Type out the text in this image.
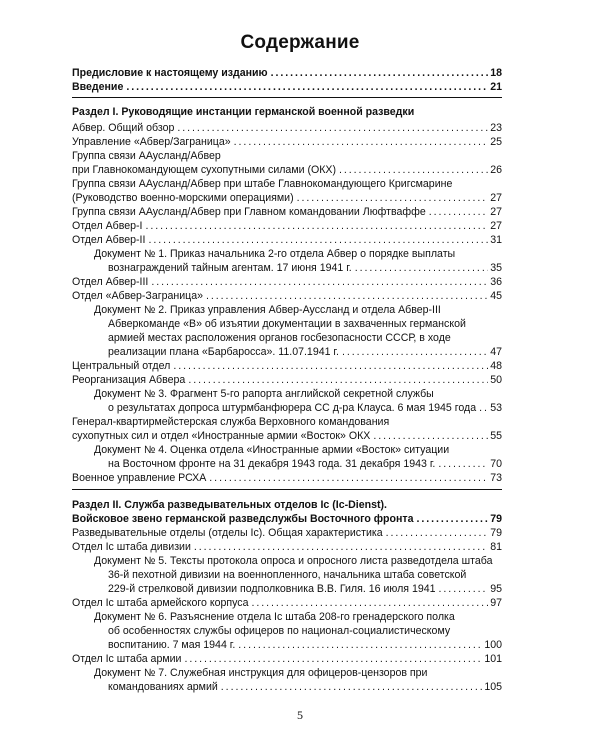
Содержание
Предисловие к настоящему изданию	18
. . .
Введение	21
. . .
Раздел I. Руководящие инстанции германской военной разведки
Абвер. Общий обзор	23
. . .
Управление «Абвер/Заграница»	25
. . .
Группа связи ААусланд/Абвер
при Главнокомандующем сухопутными силами (ОКХ)	26
. . .
Группа связи ААусланд/Абвер при штабе Главнокомандующего Кригсмарине
(Руководство военно-морскими операциями)	27
. . .
Группа связи ААусланд/Абвер при Главном командовании Люфтваффе	27
. . .
Отдел Абвер-I	27
. . .
Отдел Абвер-II	31
. . .
Документ № 1. Приказ начальника 2-го отдела Абвер о порядке выплаты
вознаграждений тайным агентам. 17 июня 1941 г.	35
. . .
Отдел Абвер-III	36
. . .
Отдел «Абвер-Заграница»	45
. . .
Документ № 2. Приказ управления Абвер-Ауссланд и отдела Абвер-III
Абверкоманде «В» об изъятии документации в захваченных германской
армией местах расположения органов госбезопасности СССР, в ходе
реализации плана «Барбаросса». 11.07.1941 г.	47
. . .
Центральный отдел	48
. . .
Реорганизация Абвера	50
. . .
Документ № 3. Фрагмент 5-го рапорта английской секретной службы
о результатах допроса штурмбанфюрера СС д-ра Клауса. 6 мая 1945 года 53
. . .
Генерал-квартирмейстерская служба Верховного командования
сухопутных сил и отдел «Иностранные армии «Восток» ОКХ	55
. . .
Документ № 4. Оценка отдела «Иностранные армии «Восток» ситуации
на Восточном фронте на 31 декабря 1943 года. 31 декабря 1943 г.	70
. . .
Военное управление РСХА	73
. . .
Раздел II. Служба разведывательных отделов Ic (Ic-Dienst).
Войсковое звено германской разведслужбы Восточного фронта	79
. . .
Разведывательные отделы (отделы Ic). Общая характеристика	79
. . .
Отдел Ic штаба дивизии	81
. . .
Документ № 5. Тексты протокола опроса и опросного листа разведотдела штаба
36-й пехотной дивизии на военнопленного, начальника штаба советской
229-й стрелковой дивизии подполковника В.В. Гиля. 16 июля 1941	95
. . .
Отдел Ic штаба армейского корпуса	97
. . .
Документ № 6. Разъяснение отдела Ic штаба 208-го гренадерского полка
об особенностях службы офицеров по национал-социалистическому
воспитанию. 7 мая 1944 г.	100
. . .
Отдел Ic штаба армии	101
. . .
Документ № 7. Служебная инструкция для офицеров-цензоров при
командованиях армий	105
. . .
5
